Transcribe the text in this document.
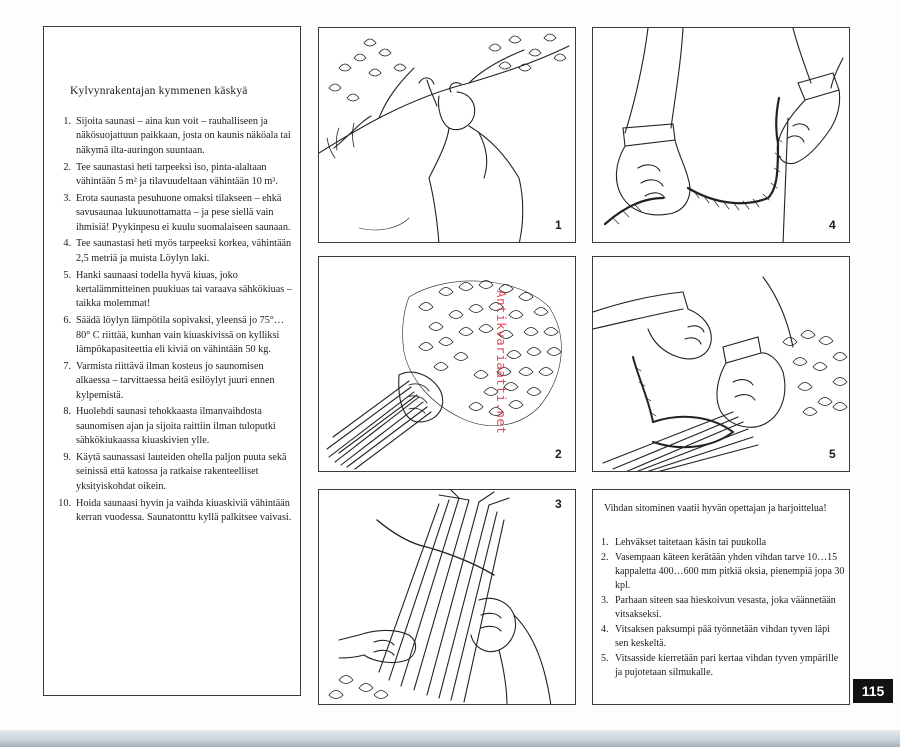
Kylvynrakentajan kymmenen käskyä
1. Sijoita saunasi – aina kun voit – rauhalliseen ja näkösuojattuun paikkaan, josta on kaunis näköala tai näkymä ilta-auringon suuntaan.
2. Tee saunastasi heti tarpeeksi iso, pinta-alaltaan vähintään 5 m² ja tilavuudeltaan vähintään 10 m³.
3. Erota saunasta pesuhuone omaksi tilakseen – ehkä savusaunaa lukuunottamatta – ja pese siellä vain ihmisiä! Pyykinpesu ei kuulu suomalaiseen saunaan.
4. Tee saunastasi heti myös tarpeeksi korkea, vähintään 2,5 metriä ja muista Löylyn laki.
5. Hanki saunaasi todella hyvä kiuas, joko kertalämmitteinen puukiuas tai varaava sähkökiuas – taikka molemmat!
6. Säädä löylyn lämpötila sopivaksi, yleensä jo 75°…80° C riittää, kunhan vain kiuaskivissä on kylliksi lämpökapasiteettia eli kiviä on vähintään 50 kg.
7. Varmista riittävä ilman kosteus jo saunomisen alkaessa – tarvittaessa heitä esilöylyt juuri ennen kylpemistä.
8. Huolehdi saunasi tehokkaasta ilmanvaihdosta saunomisen ajan ja sijoita raittiin ilman tuloputki sähkökiukaassa kiuaskivien ylle.
9. Käytä saunassasi lauteiden ohella paljon puuta sekä seinissä että katossa ja ratkaise rakenteelliset yksityiskohdat oikein.
10. Hoida saunaasi hyvin ja vaihda kiuaskiviä vähintään kerran vuodessa. Saunatonttu kyllä palkitsee vaivasi.
1	4
2	5
3	Vihdan sitominen vaatii hyvän opettajan ja harjoittelua!

1. Lehväkset taitetaan käsin tai puukolla
2. Vasempaan käteen kerätään yhden vihdan tarve 10…15 kappaletta 400…600 mm pitkiä oksia, pienempiä jopa 30 kpl.
3. Parhaan siteen saa hieskoivun vesasta, joka väännetään vitsakseksi.
4. Vitsaksen paksumpi pää työnnetään vihdan tyven läpi sen keskeltä.
5. Vitsasside kierretään pari kertaa vihdan tyven ympärille ja pujotetaan silmukalle.
Antikvariaatti.net
115
